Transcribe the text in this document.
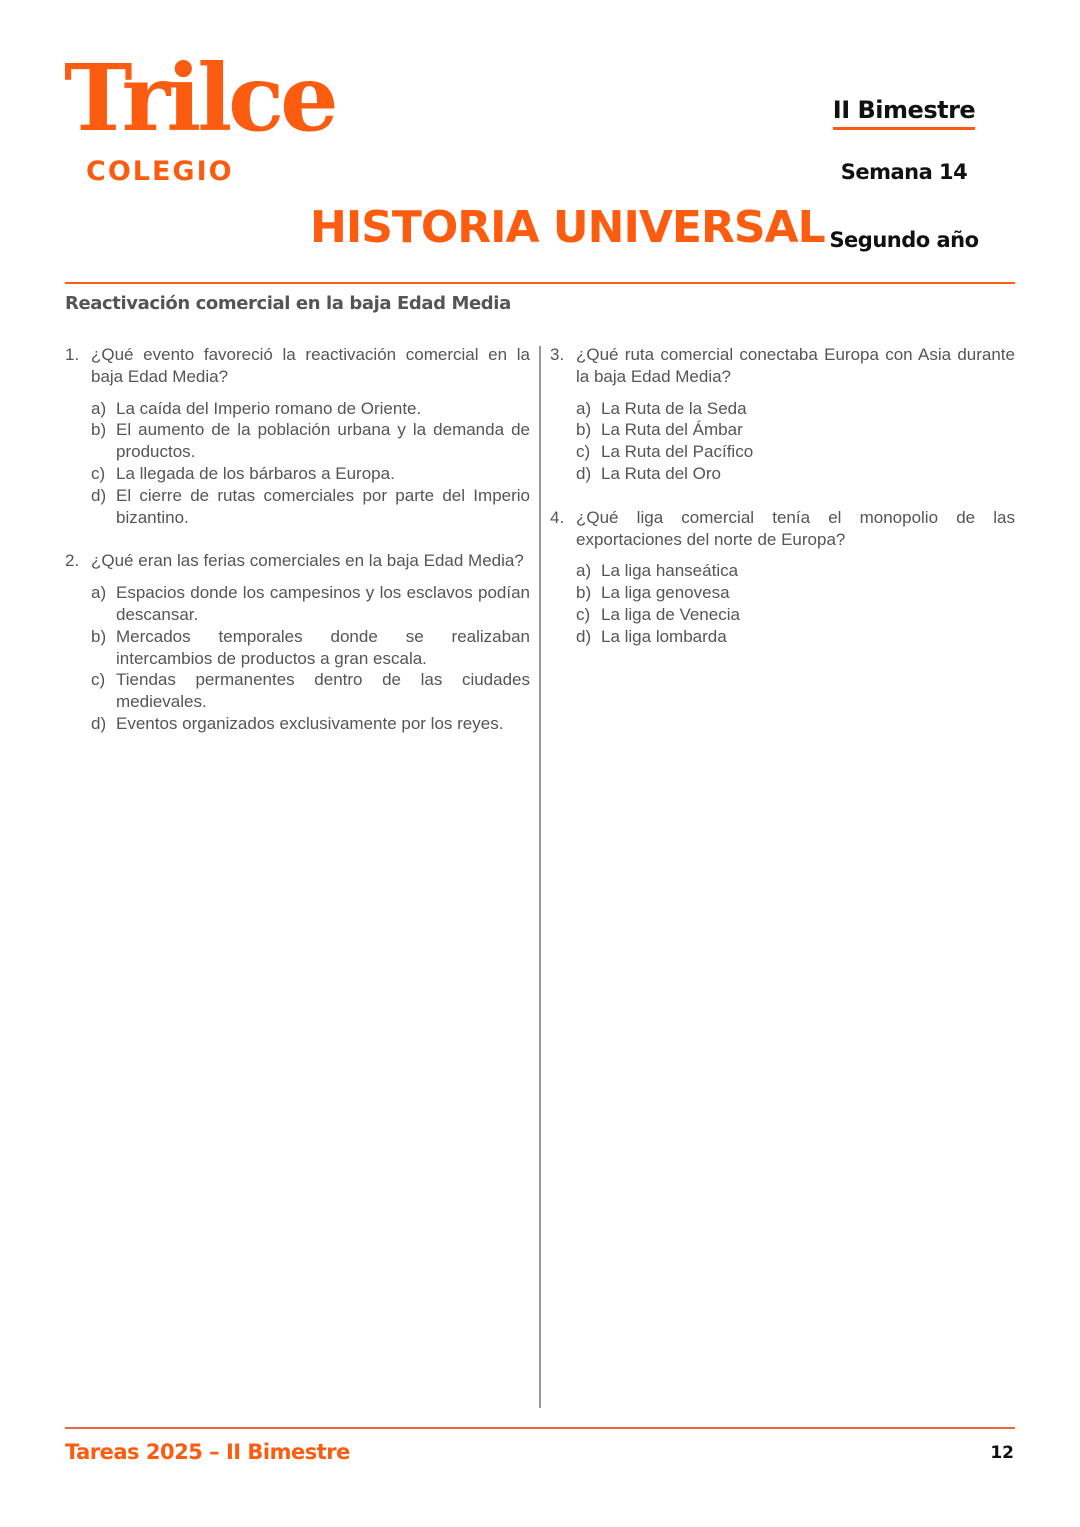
Trilce
COLEGIO
HISTORIA UNIVERSAL
II Bimestre
Semana 14
Segundo año
Reactivación comercial en la baja Edad Media
1. ¿Qué evento favoreció la reactivación comercial en la baja Edad Media?
a) La caída del Imperio romano de Oriente.
b) El aumento de la población urbana y la demanda de productos.
c) La llegada de los bárbaros a Europa.
d) El cierre de rutas comerciales por parte del Imperio bizantino.
2. ¿Qué eran las ferias comerciales en la baja Edad Media?
a) Espacios donde los campesinos y los esclavos podían descansar.
b) Mercados temporales donde se realizaban intercambios de productos a gran escala.
c) Tiendas permanentes dentro de las ciudades medievales.
d) Eventos organizados exclusivamente por los reyes.
3. ¿Qué ruta comercial conectaba Europa con Asia durante la baja Edad Media?
a) La Ruta de la Seda
b) La Ruta del Ámbar
c) La Ruta del Pacífico
d) La Ruta del Oro
4. ¿Qué liga comercial tenía el monopolio de las exportaciones del norte de Europa?
a) La liga hanseática
b) La liga genovesa
c) La liga de Venecia
d) La liga lombarda
Tareas 2025 – II Bimestre	12
